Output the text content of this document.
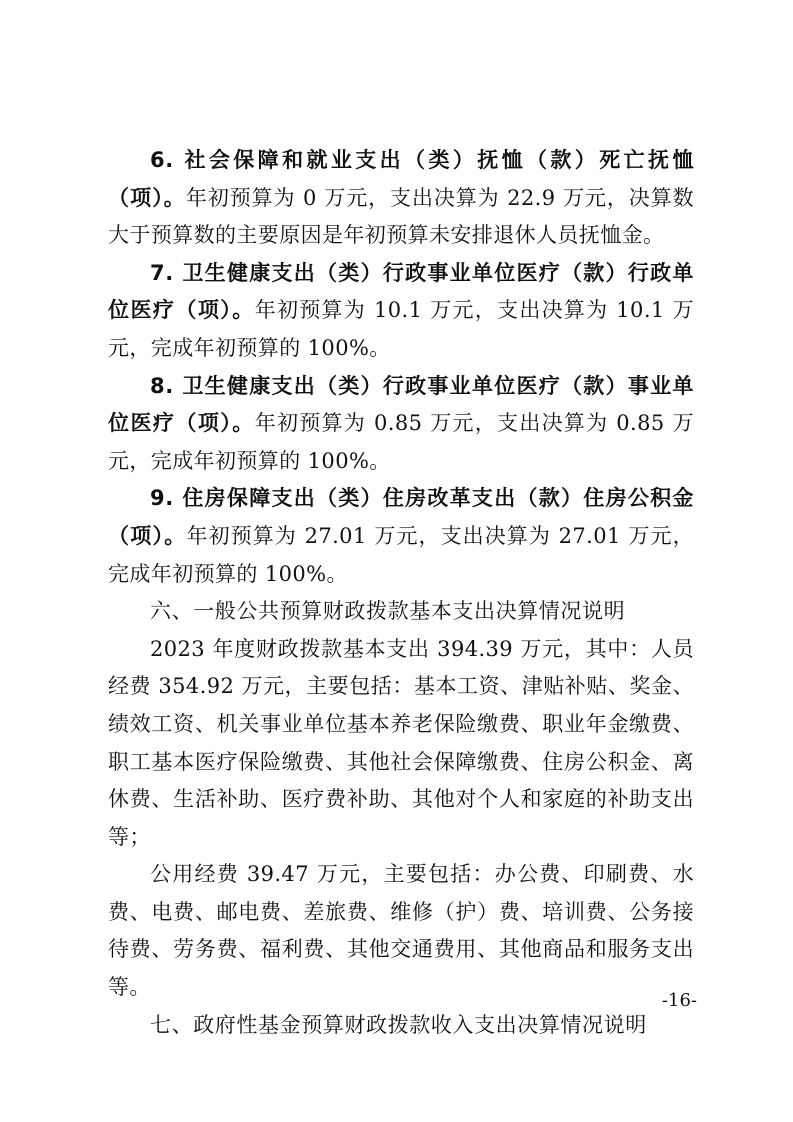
6. 社会保障和就业支出（类）抚恤（款）死亡抚恤（项）。年初预算为 0 万元，支出决算为 22.9 万元，决算数大于预算数的主要原因是年初预算未安排退休人员抚恤金。

7. 卫生健康支出（类）行政事业单位医疗（款）行政单位医疗（项）。年初预算为 10.1 万元，支出决算为 10.1 万元，完成年初预算的 100%。

8. 卫生健康支出（类）行政事业单位医疗（款）事业单位医疗（项）。年初预算为 0.85 万元，支出决算为 0.85 万元，完成年初预算的 100%。

9. 住房保障支出（类）住房改革支出（款）住房公积金（项）。年初预算为 27.01 万元，支出决算为 27.01 万元，完成年初预算的 100%。

六、一般公共预算财政拨款基本支出决算情况说明

2023 年度财政拨款基本支出 394.39 万元，其中：人员经费 354.92 万元，主要包括：基本工资、津贴补贴、奖金、绩效工资、机关事业单位基本养老保险缴费、职业年金缴费、职工基本医疗保险缴费、其他社会保障缴费、住房公积金、离休费、生活补助、医疗费补助、其他对个人和家庭的补助支出等；

公用经费 39.47 万元，主要包括：办公费、印刷费、水费、电费、邮电费、差旅费、维修（护）费、培训费、公务接待费、劳务费、福利费、其他交通费用、其他商品和服务支出等。

七、政府性基金预算财政拨款收入支出决算情况说明

-16-
